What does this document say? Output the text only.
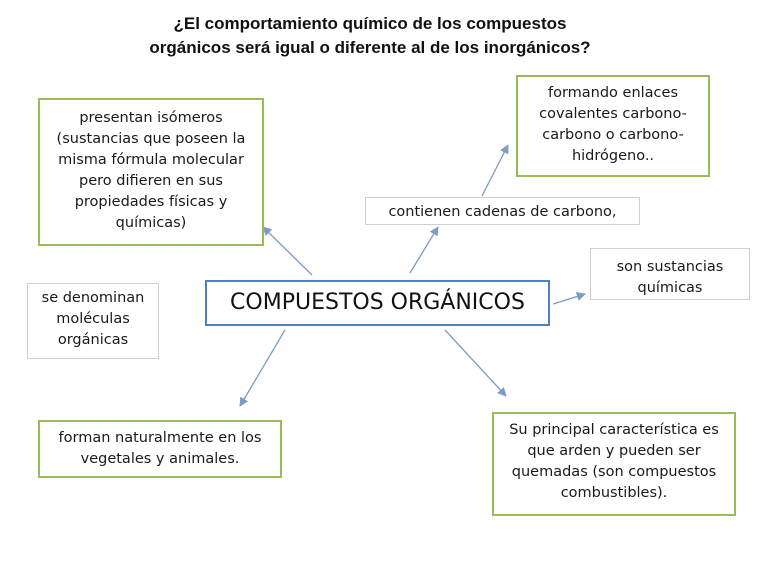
¿El comportamiento químico de los compuestos
orgánicos será igual o diferente al de los inorgánicos?
presentan isómeros (sustancias que poseen la misma fórmula molecular pero difieren en sus propiedades físicas y químicas)
formando enlaces covalentes carbono-carbono o carbono-hidrógeno..
contienen cadenas de carbono,
son sustancias químicas
COMPUESTOS ORGÁNICOS
se denominan moléculas orgánicas
forman naturalmente en los vegetales y animales.
Su principal característica es que arden y pueden ser quemadas (son compuestos combustibles).
